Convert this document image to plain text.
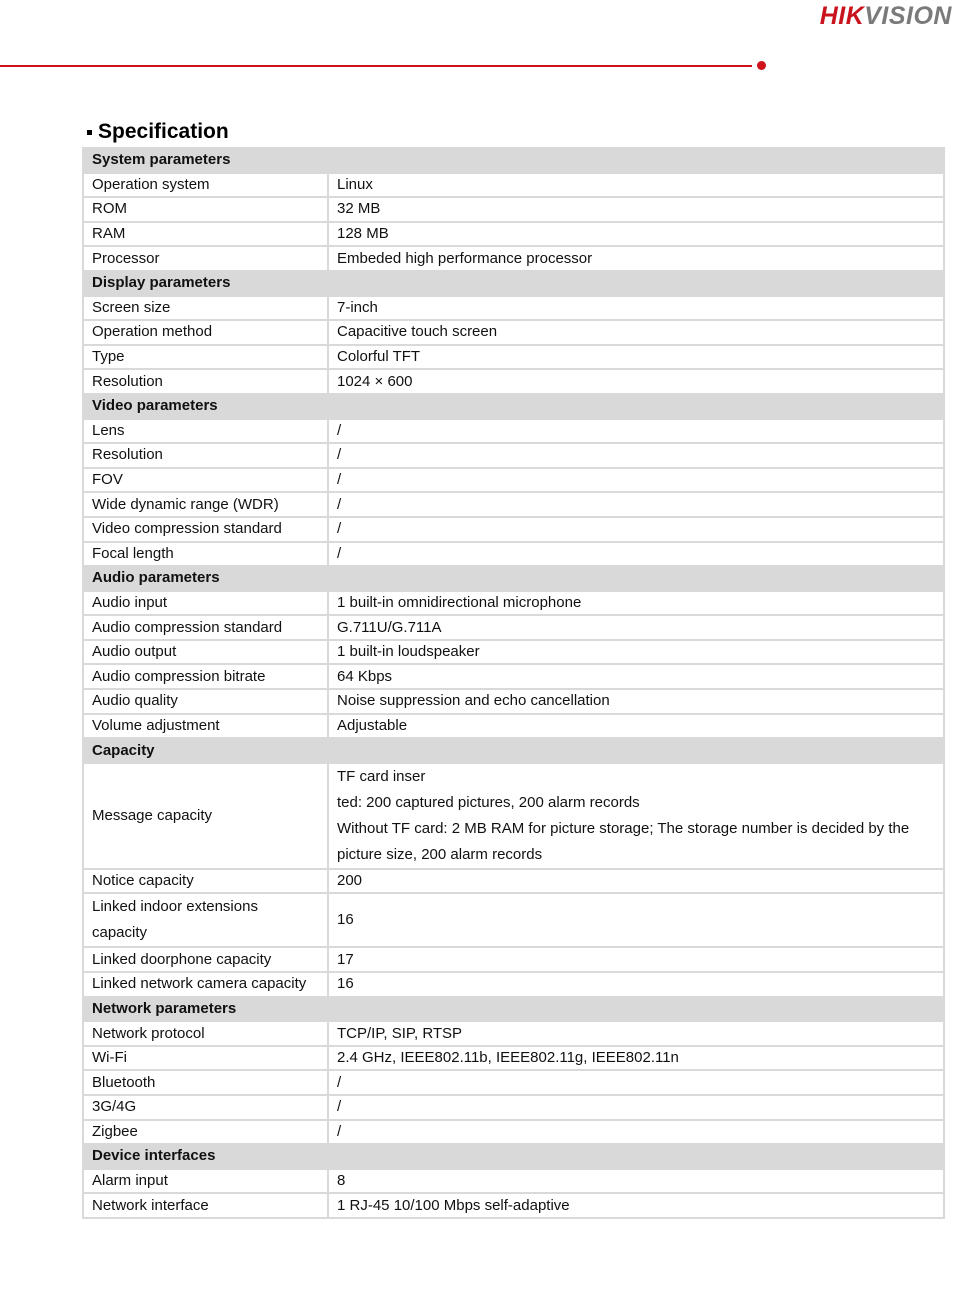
HIKVISION
Specification
System parameters	
Operation system	Linux
ROM	32 MB
RAM	128 MB
Processor	Embeded high performance processor
Display parameters	
Screen size	7-inch
Operation method	Capacitive touch screen
Type	Colorful TFT
Resolution	1024 × 600
Video parameters	
Lens	/
Resolution	/
FOV	/
Wide dynamic range (WDR)	/
Video compression standard	/
Focal length	/
Audio parameters	
Audio input	1 built-in omnidirectional microphone
Audio compression standard	G.711U/G.711A
Audio output	1 built-in loudspeaker
Audio compression bitrate	64 Kbps
Audio quality	Noise suppression and echo cancellation
Volume adjustment	Adjustable
Capacity	
Message capacity	TF card inser
ted: 200 captured pictures, 200 alarm records
Without TF card: 2 MB RAM for picture storage; The storage number is decided by the
picture size, 200 alarm records

Notice capacity	200

Linked indoor extensions
capacity	16
Linked doorphone capacity	17
Linked network camera capacity	16
Network parameters	
Network protocol	TCP/IP, SIP, RTSP
Wi-Fi	2.4 GHz, IEEE802.11b, IEEE802.11g, IEEE802.11n
Bluetooth	/
3G/4G	/
Zigbee	/
Device interfaces	
Alarm input	8
Network interface	1 RJ-45 10/100 Mbps self-adaptive
